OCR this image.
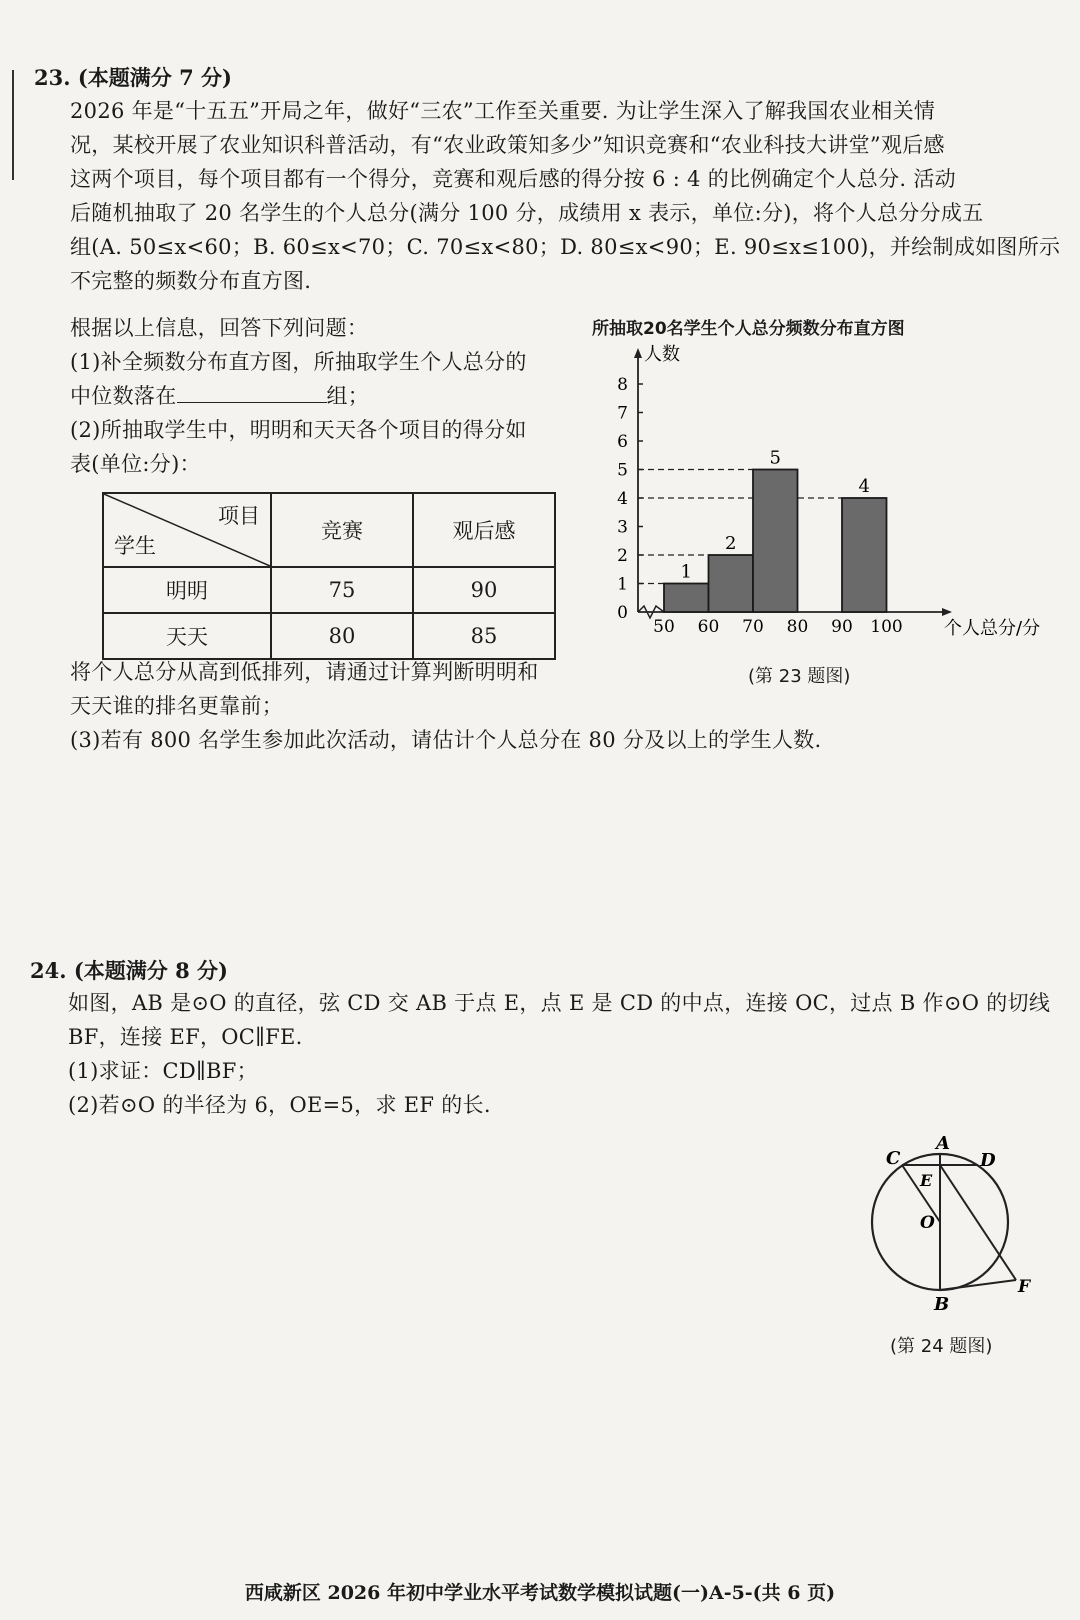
23. (本题满分 7 分)
2026 年是“十五五”开局之年，做好“三农”工作至关重要. 为让学生深入了解我国农业相关情
况，某校开展了农业知识科普活动，有“农业政策知多少”知识竞赛和“农业科技大讲堂”观后感
这两个项目，每个项目都有一个得分，竞赛和观后感的得分按 6 : 4 的比例确定个人总分. 活动
后随机抽取了 20 名学生的个人总分(满分 100 分，成绩用 x 表示，单位:分)，将个人总分分成五
组(A. 50≤x<60；B. 60≤x<70；C. 70≤x<80；D. 80≤x<90；E. 90≤x≤100)，并绘制成如图所示
不完整的频数分布直方图.
根据以上信息，回答下列问题：
(1)补全频数分布直方图，所抽取学生个人总分的
中位数落在	组；
(2)所抽取学生中，明明和天天各个项目的得分如
表(单位:分)：
项目
学生	竞赛	观后感
明明	75	90
天天	80	85
将个人总分从高到低排列，请通过计算判断明明和
天天谁的排名更靠前；
(3)若有 800 名学生参加此次活动，请估计个人总分在 80 分及以上的学生人数.
所抽取20名学生个人总分频数分布直方图
0
1
2
3
4
5
6
7
8
人数
个人总分/分
50 60 70 80 90 100
1
2
5
4
(第 23 题图)
24. (本题满分 8 分)
如图，AB 是⊙O 的直径，弦 CD 交 AB 于点 E，点 E 是 CD 的中点，连接 OC，过点 B 作⊙O 的切线
BF，连接 EF，OC∥FE.
(1)求证：CD∥BF；
(2)若⊙O 的半径为 6，OE=5，求 EF 的长.
A
C	D
E
O
B
F
(第 24 题图)
西咸新区 2026 年初中学业水平考试数学模拟试题(一)A-5-(共 6 页)
